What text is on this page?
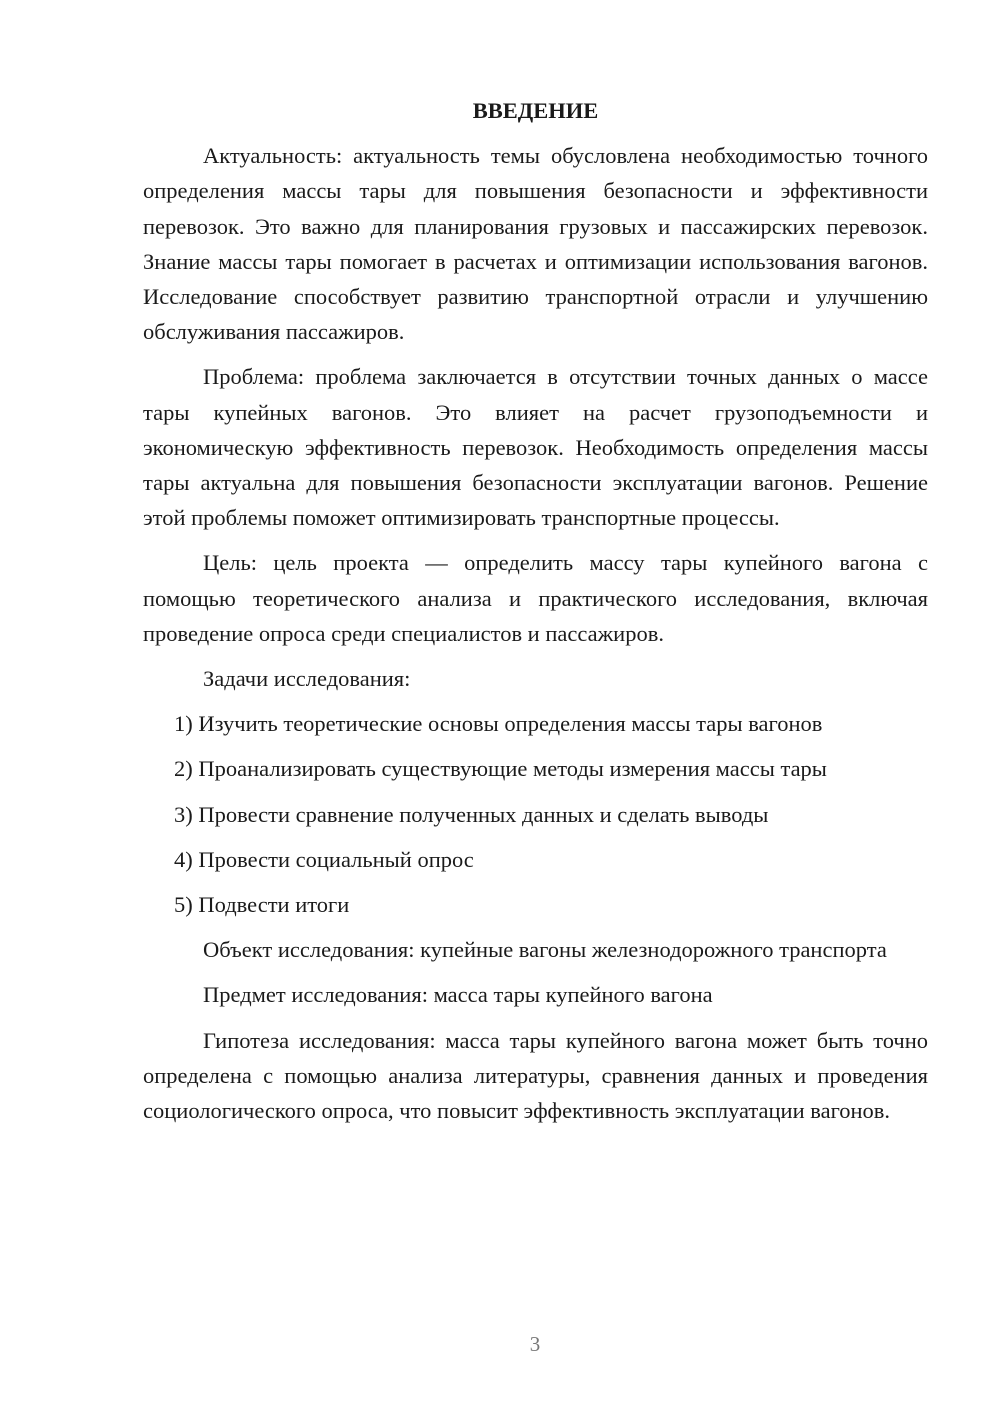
ВВЕДЕНИЕ

Актуальность: актуальность темы обусловлена необходимостью точного определения массы тары для повышения безопасности и эффективности перевозок. Это важно для планирования грузовых и пассажирских перевозок. Знание массы тары помогает в расчетах и оптимизации использования вагонов. Исследование способствует развитию транспортной отрасли и улучшению обслуживания пассажиров.

Проблема: проблема заключается в отсутствии точных данных о массе тары купейных вагонов. Это влияет на расчет грузоподъемности и экономическую эффективность перевозок. Необходимость определения массы тары актуальна для повышения безопасности эксплуатации вагонов. Решение этой проблемы поможет оптимизировать транспортные процессы.

Цель: цель проекта — определить массу тары купейного вагона с помощью теоретического анализа и практического исследования, включая проведение опроса среди специалистов и пассажиров.

Задачи исследования:

1) Изучить теоретические основы определения массы тары вагонов

2) Проанализировать существующие методы измерения массы тары

3) Провести сравнение полученных данных и сделать выводы

4) Провести социальный опрос

5) Подвести итоги

Объект исследования: купейные вагоны железнодорожного транспорта

Предмет исследования: масса тары купейного вагона

Гипотеза исследования: масса тары купейного вагона может быть точно определена с помощью анализа литературы, сравнения данных и проведения социологического опроса, что повысит эффективность эксплуатации вагонов.

3
